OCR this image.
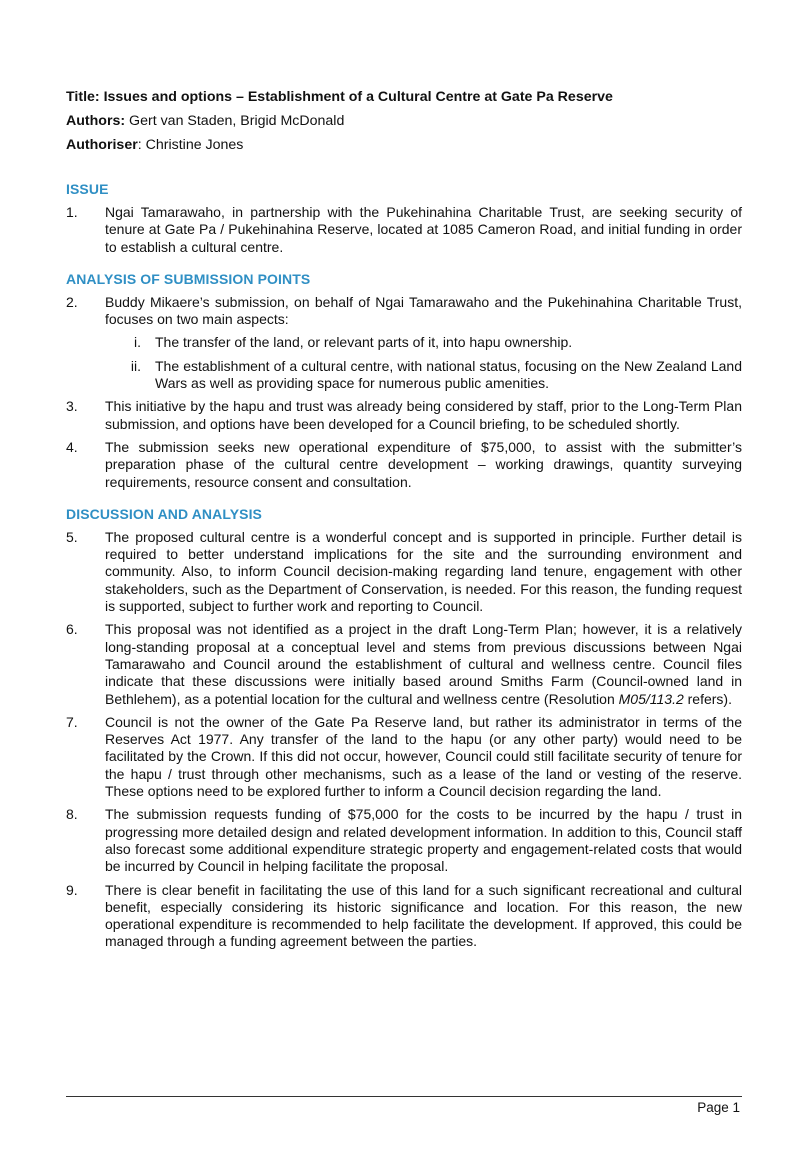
Title: Issues and options – Establishment of a Cultural Centre at Gate Pa Reserve

Authors: Gert van Staden, Brigid McDonald

Authoriser: Christine Jones

ISSUE
1.	Ngai Tamarawaho, in partnership with the Pukehinahina Charitable Trust, are seeking security of tenure at Gate Pa / Pukehinahina Reserve, located at 1085 Cameron Road, and initial funding in order to establish a cultural centre.
ANALYSIS OF SUBMISSION POINTS
2.	Buddy Mikaere’s submission, on behalf of Ngai Tamarawaho and the Pukehinahina Charitable Trust, focuses on two main aspects:
i.	The transfer of the land, or relevant parts of it, into hapu ownership.
ii.	The establishment of a cultural centre, with national status, focusing on the New Zealand Land Wars as well as providing space for numerous public amenities.
3.	This initiative by the hapu and trust was already being considered by staff, prior to the Long-Term Plan submission, and options have been developed for a Council briefing, to be scheduled shortly.
4.	The submission seeks new operational expenditure of $75,000, to assist with the submitter’s preparation phase of the cultural centre development – working drawings, quantity surveying requirements, resource consent and consultation.
DISCUSSION AND ANALYSIS
5.	The proposed cultural centre is a wonderful concept and is supported in principle. Further detail is required to better understand implications for the site and the surrounding environment and community. Also, to inform Council decision-making regarding land tenure, engagement with other stakeholders, such as the Department of Conservation, is needed. For this reason, the funding request is supported, subject to further work and reporting to Council.
6.	This proposal was not identified as a project in the draft Long-Term Plan; however, it is a relatively long-standing proposal at a conceptual level and stems from previous discussions between Ngai Tamarawaho and Council around the establishment of cultural and wellness centre. Council files indicate that these discussions were initially based around Smiths Farm (Council-owned land in Bethlehem), as a potential location for the cultural and wellness centre (Resolution M05/113.2 refers).
7.	Council is not the owner of the Gate Pa Reserve land, but rather its administrator in terms of the Reserves Act 1977. Any transfer of the land to the hapu (or any other party) would need to be facilitated by the Crown. If this did not occur, however, Council could still facilitate security of tenure for the hapu / trust through other mechanisms, such as a lease of the land or vesting of the reserve. These options need to be explored further to inform a Council decision regarding the land.
8.	The submission requests funding of $75,000 for the costs to be incurred by the hapu / trust in progressing more detailed design and related development information. In addition to this, Council staff also forecast some additional expenditure strategic property and engagement-related costs that would be incurred by Council in helping facilitate the proposal.
9.	There is clear benefit in facilitating the use of this land for a such significant recreational and cultural benefit, especially considering its historic significance and location. For this reason, the new operational expenditure is recommended to help facilitate the development. If approved, this could be managed through a funding agreement between the parties.
Page 1
